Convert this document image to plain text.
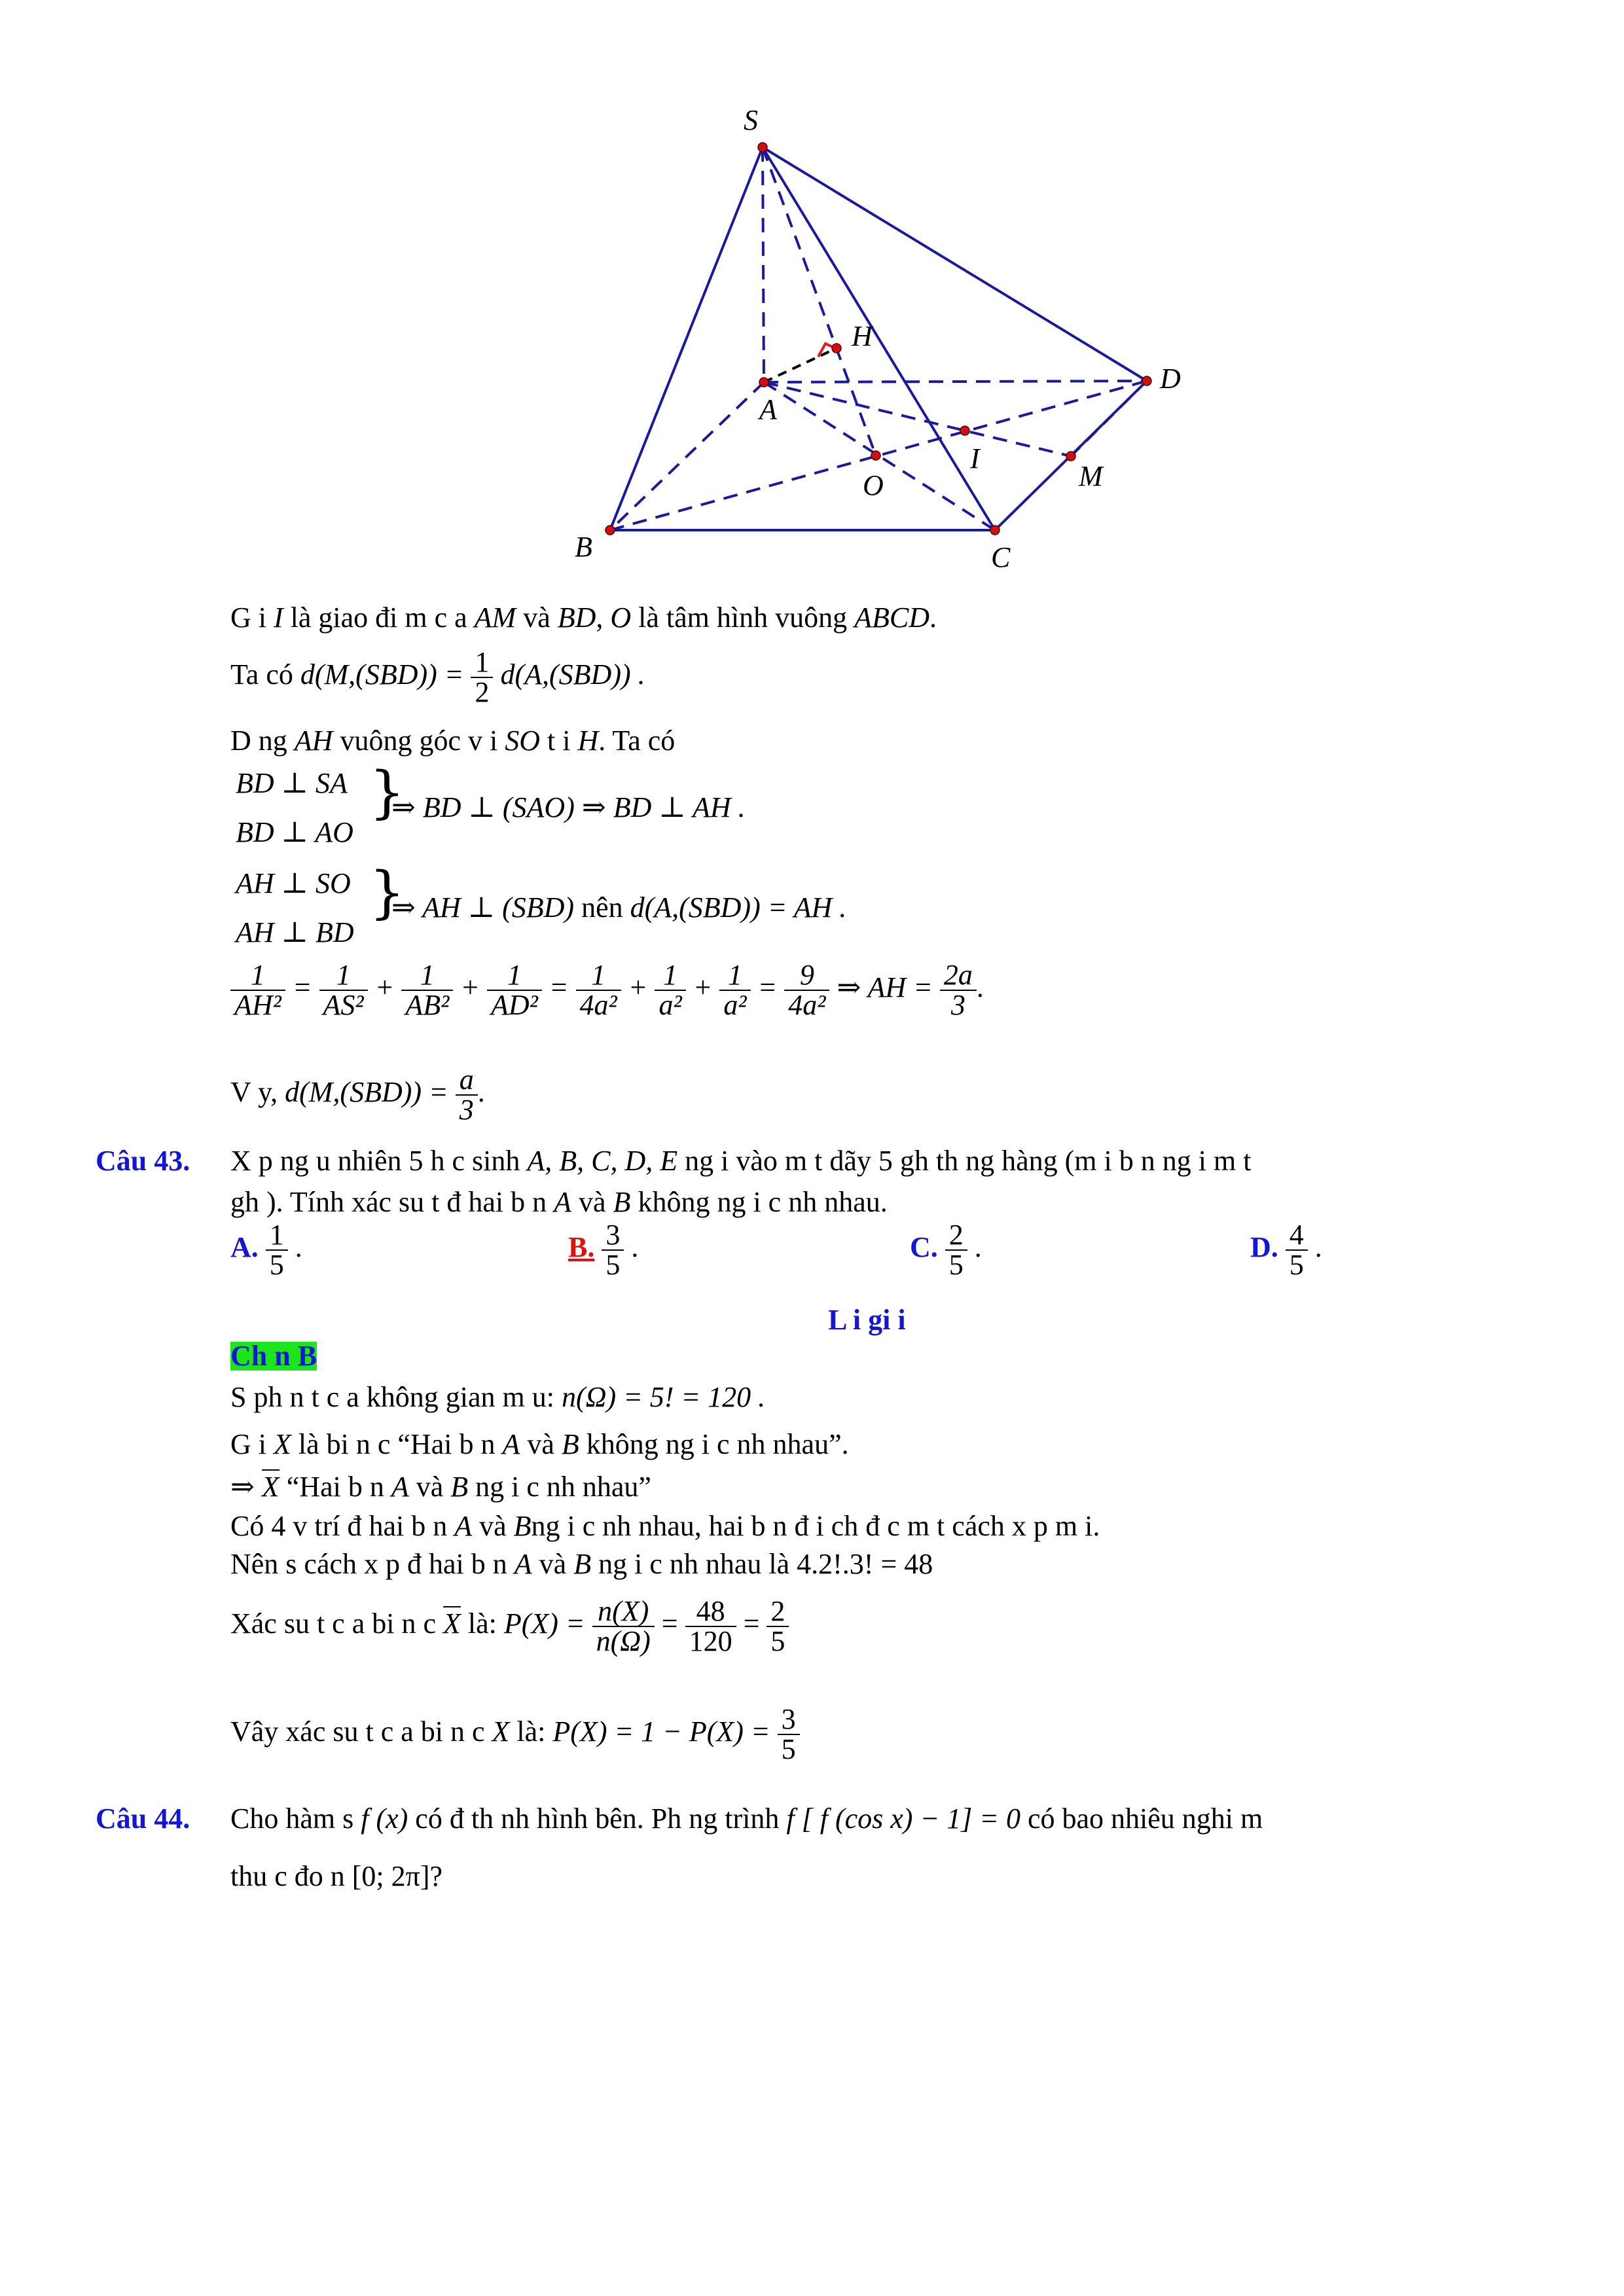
S
H
D
A
I
M
O
B	C
G i I là giao đi m c a AM và BD, O là tâm hình vuông ABCD.
Ta có $d(M,(SBD)) = \frac{1}{2} d(A,(SBD))$ .
D ng AH vuông góc v i SO t i H. Ta có
BD ⊥ SA
BD ⊥ AO
}
⇒ BD ⊥ (SAO) ⇒ BD ⊥ AH .
AH ⊥ SO
AH ⊥ BD
}
⇒ AH ⊥ (SBD) nên d(A,(SBD)) = AH .
$\frac{1}{\text{AH²}} = \frac{1}{\text{AS²}} + \frac{1}{\text{AB²}} + \frac{1}{\text{AD²}} = \frac{1}{\text{4a²}} + \frac{1}{\text{a²}} + \frac{1}{\text{a²}} = \frac{9}{\text{4a²}}$ ⇒ AH = $\frac{2a}{3}$ .
V y, $d(M,(SBD)) = \frac{a}{3}$ .
Câu 43. X p ng u nhiên 5 h c sinh A, B, C, D, E ng i vào m t dãy 5 gh th ng hàng (m i b n ng i m t
gh ). Tính xác su t đ hai b n A và B không ng i c nh nhau.
A. $\frac{1}{5}$ .	B. $\frac{3}{5}$ .	C. $\frac{2}{5}$ .	D. $\frac{4}{5}$ .
L i gi i
Ch n B
S ph n t c a không gian m u: n(Ω) = 5! = 120 .
G i X là bi n c “Hai b n A và B không ng i c nh nhau”.
⇒ X “Hai b n A và B ng i c nh nhau”
Có 4 v trí đ hai b n A và Bng i c nh nhau, hai b n đ i ch đ c m t cách x p m i.
Nên s cách x p đ hai b n A và B ng i c nh nhau là 4.2!.3! = 48
Xác su t c a bi n c X là: $P(X) = \frac{n(X)}{n(\Omega)} = \frac{48}{120} = \frac{2}{5}$
Vây xác su t c a bi n c X là: $P(X) = 1 - P(X) = \frac{3}{5}$
Câu 44. Cho hàm s f (x) có đ th nh hình bên. Ph ng trình f [ f (cos x) − 1] = 0 có bao nhiêu nghi m
thu c đo n [0; 2π]?
